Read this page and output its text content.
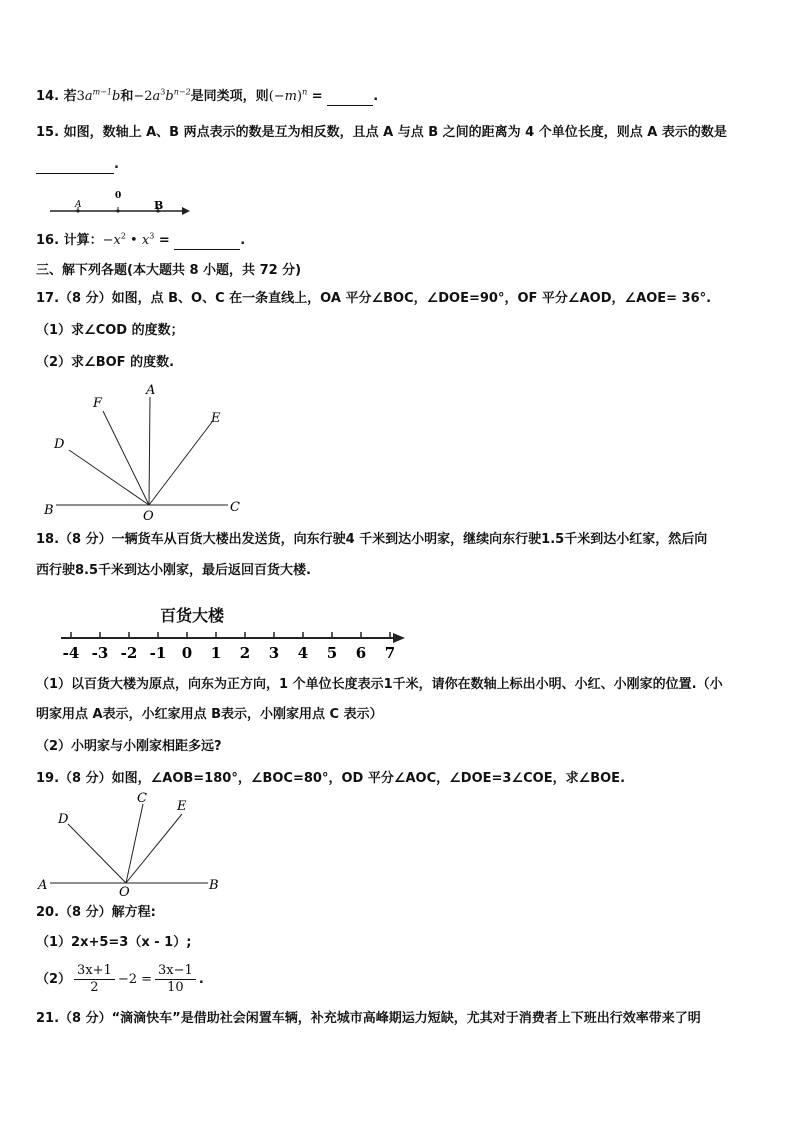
14. 若$3a^{m-1}b$和$-2a^3b^{n-2}$是同类项，则$(-m)^n$ =	.
15. 如图，数轴上 A、B 两点表示的数是互为相反数，且点 A 与点 B 之间的距离为 4 个单位长度，则点 A 表示的数是
.
A
0
B
16. 计算：$-x^2$ • $x^3$ =	.
三、解下列各题(本大题共 8 小题，共 72 分)
17.（8 分）如图，点 B、O、C 在一条直线上，OA 平分∠BOC，∠DOE=90°，OF 平分∠AOD，∠AOE= 36°.
（1）求∠COD 的度数；
（2）求∠BOF 的度数.
A
F
E
D
B	O
C
18.（8 分）一辆货车从百货大楼出发送货，向东行驶4 千米到达小明家，继续向东行驶1.5千米到达小红家，然后向
西行驶8.5千米到达小刚家，最后返回百货大楼.
百货大楼
-4 -3 -2 -1 0 1 2 3 4 5 6 7
（1）以百货大楼为原点，向东为正方向，1 个单位长度表示1千米，请你在数轴上标出小明、小红、小刚家的位置.（小
明家用点 A表示，小红家用点 B表示，小刚家用点 C 表示）
（2）小明家与小刚家相距多远?
19.（8 分）如图，∠AOB=180°，∠BOC=80°，OD 平分∠AOC，∠DOE=3∠COE，求∠BOE.
D
C
E
A	O	B
20.（8 分）解方程:
（1）2x+5=3（x - 1）;
$(2) \frac{3x+1}{2} -2 = \frac{3x-1}{10}$ .
21.（8 分）“滴滴快车”是借助社会闲置车辆，补充城市高峰期运力短缺，尤其对于消费者上下班出行效率带来了明
